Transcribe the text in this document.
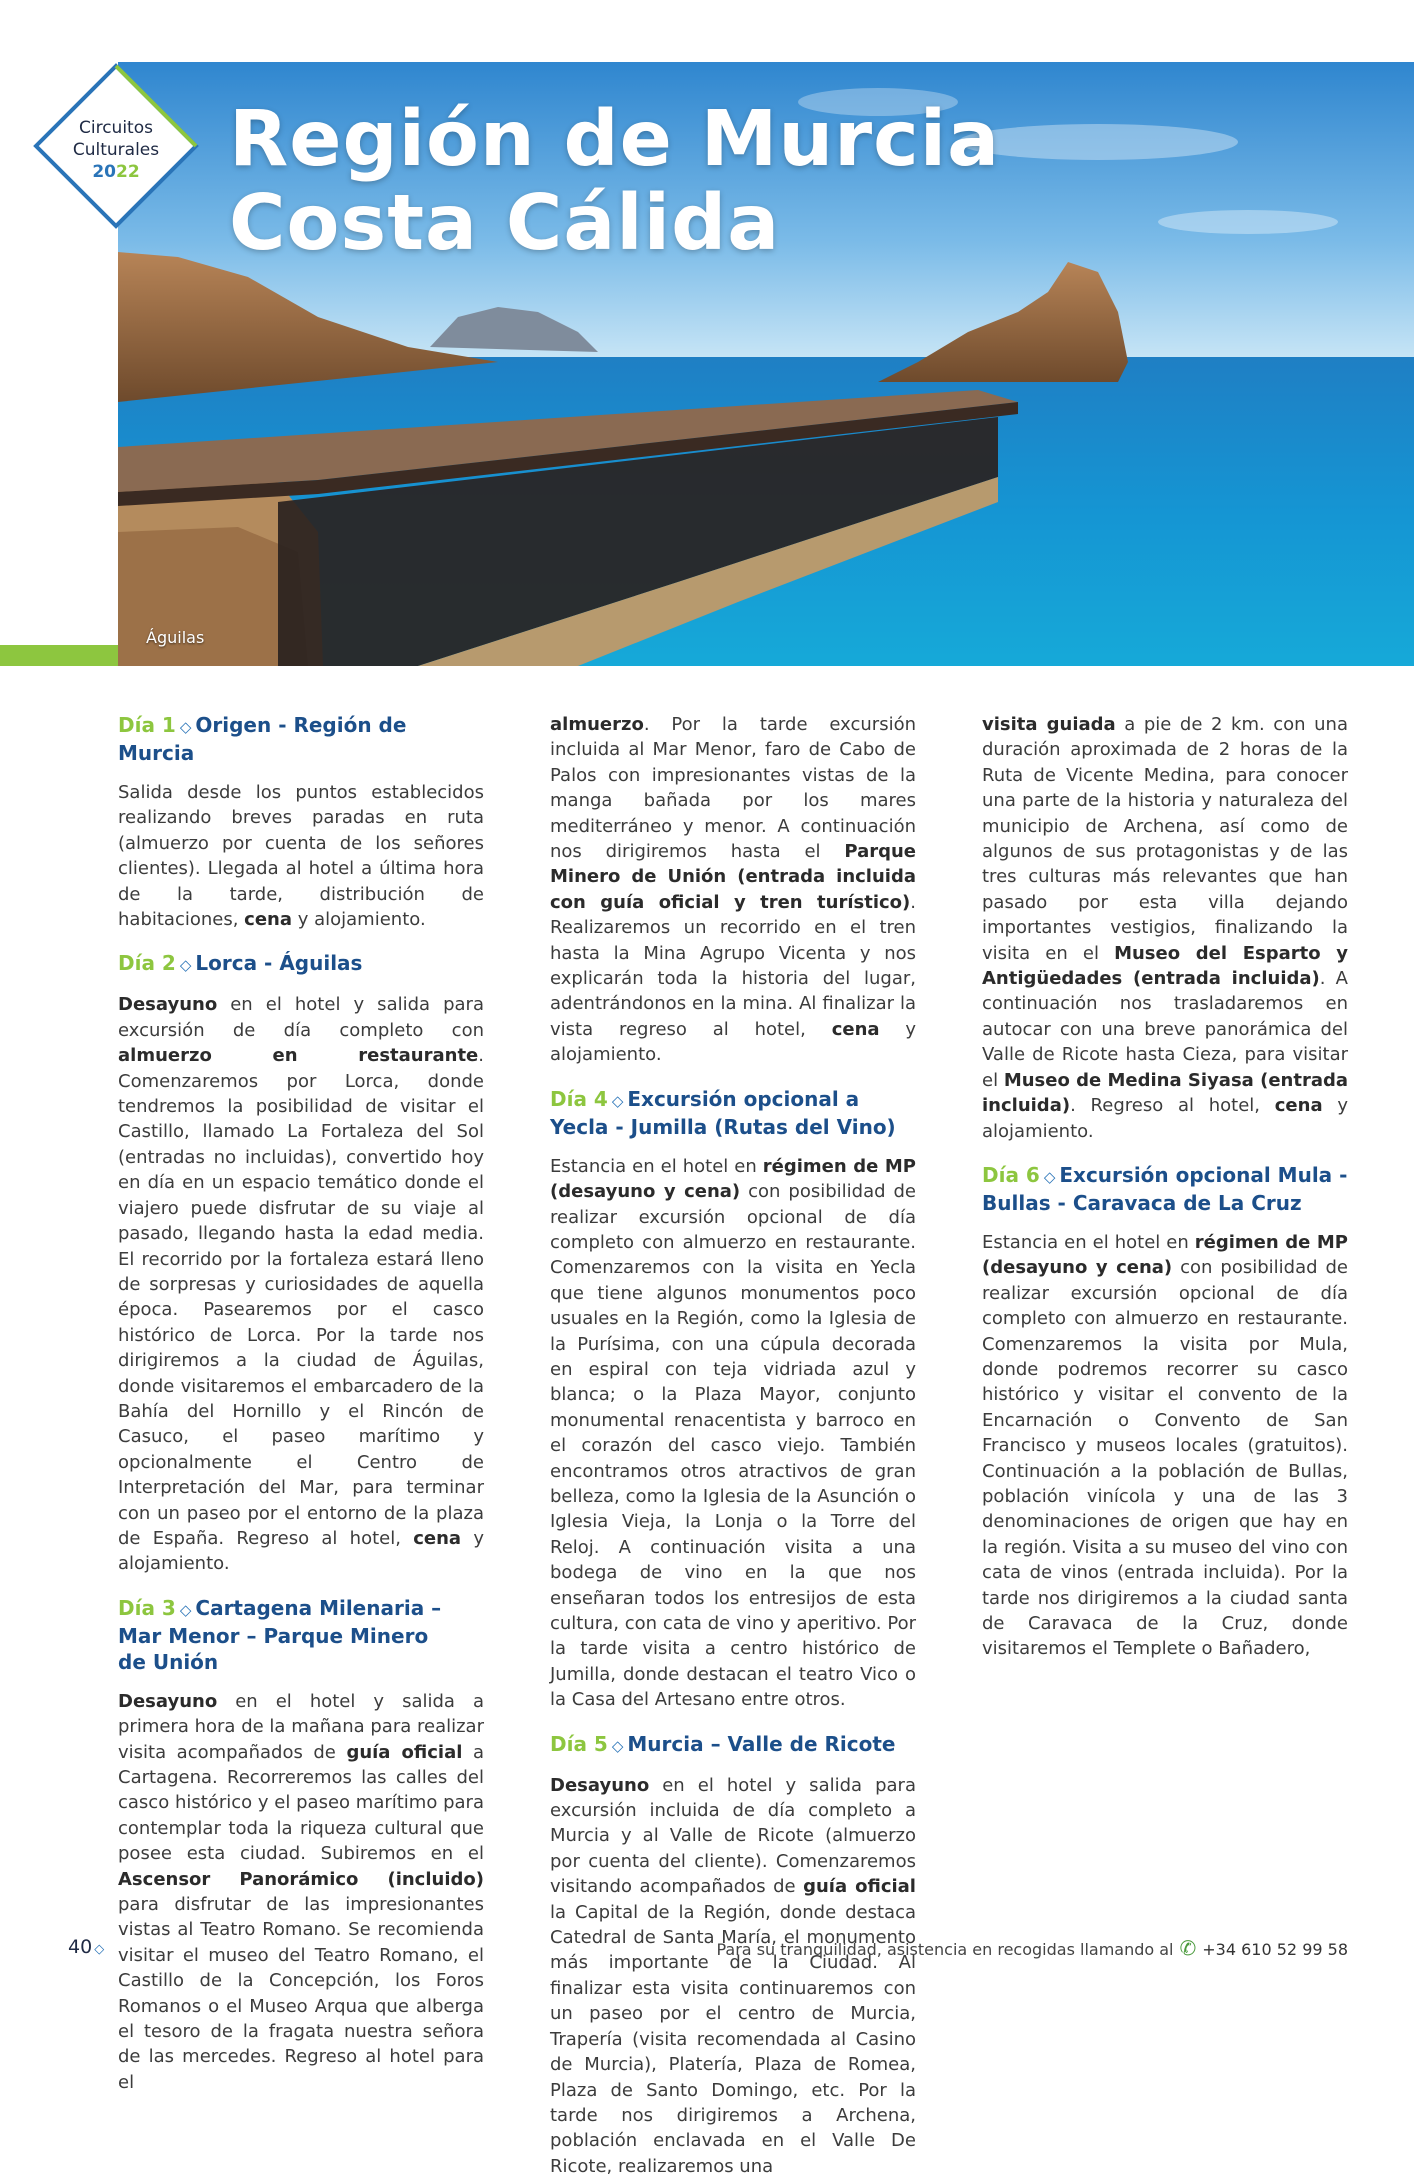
Región de Murcia
Costa Cálida
Águilas
Circuitos
Culturales
2022
Día 1 ◇ Origen - Región de Murcia

Salida desde los puntos establecidos realizando breves paradas en ruta (almuerzo por cuenta de los señores clientes). Llegada al hotel a última hora de la tarde, distribución de habitaciones, cena y alojamiento.

Día 2 ◇ Lorca - Águilas

Desayuno en el hotel y salida para excursión de día completo con almuerzo en restaurante. Comenzaremos por Lorca, donde tendremos la posibilidad de visitar el Castillo, llamado La Fortaleza del Sol (entradas no incluidas), convertido hoy en día en un espacio temático donde el viajero puede disfrutar de su viaje al pasado, llegando hasta la edad media. El recorrido por la fortaleza estará lleno de sorpresas y curiosidades de aquella época. Pasearemos por el casco histórico de Lorca. Por la tarde nos dirigiremos a la ciudad de Águilas, donde visitaremos el embarcadero de la Bahía del Hornillo y el Rincón de Casuco, el paseo marítimo y opcionalmente el Centro de Interpretación del Mar, para terminar con un paseo por el entorno de la plaza de España. Regreso al hotel, cena y alojamiento.

Día 3 ◇ Cartagena Milenaria –
Mar Menor – Parque Minero
de Unión

Desayuno en el hotel y salida a primera hora de la mañana para realizar visita acompañados de guía oficial a Cartagena. Recorreremos las calles del casco histórico y el paseo marítimo para contemplar toda la riqueza cultural que posee esta ciudad. Subiremos en el Ascensor Panorámico (incluido) para disfrutar de las impresionantes vistas al Teatro Romano. Se recomienda visitar el museo del Teatro Romano, el Castillo de la Concepción, los Foros Romanos o el Museo Arqua que alberga el tesoro de la fragata nuestra señora de las mercedes. Regreso al hotel para el

almuerzo. Por la tarde excursión incluida al Mar Menor, faro de Cabo de Palos con impresionantes vistas de la manga bañada por los mares mediterráneo y menor. A continuación nos dirigiremos hasta el Parque Minero de Unión (entrada incluida con guía oficial y tren turístico). Realizaremos un recorrido en el tren hasta la Mina Agrupo Vicenta y nos explicarán toda la historia del lugar, adentrándonos en la mina. Al finalizar la vista regreso al hotel, cena y alojamiento.

Día 4 ◇ Excursión opcional a
Yecla - Jumilla (Rutas del Vino)

Estancia en el hotel en régimen de MP (desayuno y cena) con posibilidad de realizar excursión opcional de día completo con almuerzo en restaurante. Comenzaremos con la visita en Yecla que tiene algunos monumentos poco usuales en la Región, como la Iglesia de la Purísima, con una cúpula decorada en espiral con teja vidriada azul y blanca; o la Plaza Mayor, conjunto monumental renacentista y barroco en el corazón del casco viejo. También encontramos otros atractivos de gran belleza, como la Iglesia de la Asunción o Iglesia Vieja, la Lonja o la Torre del Reloj. A continuación visita a una bodega de vino en la que nos enseñaran todos los entresijos de esta cultura, con cata de vino y aperitivo. Por la tarde visita a centro histórico de Jumilla, donde destacan el teatro Vico o la Casa del Artesano entre otros.

Día 5 ◇ Murcia – Valle de Ricote

Desayuno en el hotel y salida para excursión incluida de día completo a Murcia y al Valle de Ricote (almuerzo por cuenta del cliente). Comenzaremos visitando acompañados de guía oficial la Capital de la Región, donde destaca Catedral de Santa María, el monumento más importante de la Ciudad. Al finalizar esta visita continuaremos con un paseo por el centro de Murcia, Trapería (visita recomendada al Casino de Murcia), Platería, Plaza de Romea, Plaza de Santo Domingo, etc. Por la tarde nos dirigiremos a Archena, población enclavada en el Valle De Ricote, realizaremos una

visita guiada a pie de 2 km. con una duración aproximada de 2 horas de la Ruta de Vicente Medina, para conocer una parte de la historia y naturaleza del municipio de Archena, así como de algunos de sus protagonistas y de las tres culturas más relevantes que han pasado por esta villa dejando importantes vestigios, finalizando la visita en el Museo del Esparto y Antigüedades (entrada incluida). A continuación nos trasladaremos en autocar con una breve panorámica del Valle de Ricote hasta Cieza, para visitar el Museo de Medina Siyasa (entrada incluida). Regreso al hotel, cena y alojamiento.

Día 6 ◇ Excursión opcional Mula -
Bullas - Caravaca de La Cruz

Estancia en el hotel en régimen de MP (desayuno y cena) con posibilidad de realizar excursión opcional de día completo con almuerzo en restaurante. Comenzaremos la visita por Mula, donde podremos recorrer su casco histórico y visitar el convento de la Encarnación o Convento de San Francisco y museos locales (gratuitos). Continuación a la población de Bullas, población vinícola y una de las 3 denominaciones de origen que hay en la región. Visita a su museo del vino con cata de vinos (entrada incluida). Por la tarde nos dirigiremos a la ciudad santa de Caravaca de la Cruz, donde visitaremos el Templete o Bañadero,

40 ◇	Para su tranquilidad, asistencia en recogidas llamando al ✆ +34 610 52 99 58
